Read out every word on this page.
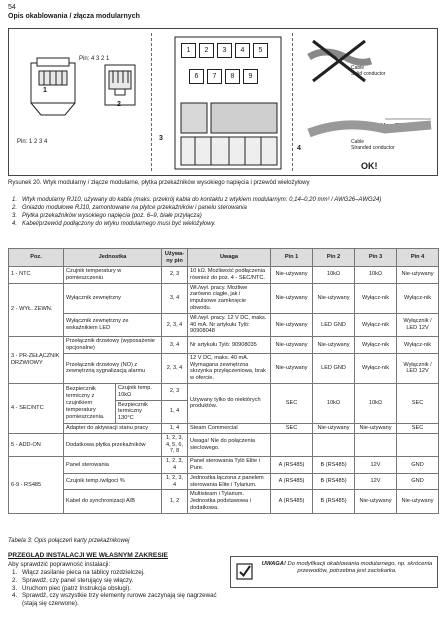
54
Opis okablowania / złącza modularnych
1
Pin: 1 2 3 4
Pin: 4 3 2 1
2
3
1	2	3	4	5
6	7	8	9
Cable
Solid conductor
Max. Ø3.6mm
4
Cable
Stranded conductor
OK!
Rysunek 20. Wtyk modularny / złącze modularne, płytka przekaźników wysokiego napięcia i przewód wielożyłowy
1. Wtyk modularny RJ10, używany do kabla (maks. przekrój kabla do kontaktu z wtykiem modularnym: 0,14–0,20 mm² / AWG26–AWG24)
2. Gniazdo modułowe RJ10, zamontowane na płytce przekaźników i panelu sterowania
3. Płytka przekaźników wysokiego napięcia (poz. 6–9, białe przyłącza)
4. Kabel/przewód podłączony do wtyku modularnego musi być wielożyłowy.
Poz.	Jednostka		Używa- ny pin	Uwaga	Pin 1	Pin 2	Pin 3	Pin 4
1 - NTC	Czujnik temperatury w pomieszczeniu		2, 3	10 kΩ. Możliwość podłączenia również do poz. 4 - SEC/NTC.	Nie-używany	10kΩ	10kΩ	Nie-używany
2 - WYŁ. ZEWN.	Wyłącznik zewnętrzny		3, 4	Wł./wył. pracy. Możliwe zarówno ciągłe, jak i impulsowe zamknięcie obwodu.	Nie-używany	Nie-używany	Wyłącz-nik	Wyłącz-nik
	Wyłącznik zewnętrzny ze wskaźnikiem LED		2, 3, 4	Wł./wył. pracy. 12 V DC, maks. 40 mA. Nr artykułu Tylö: 90908048	Nie-używany	LED GND	Wyłącz-nik	Wyłącznik / LED 12V
3 - PR-ZEŁĄCZNIK DRZWIOWY	Przełącznik drzwiowy (wyposażenie opcjonalne)		3, 4	Nr artykułu Tylö: 90908035	Nie-używany	Nie-używany	Wyłącz-nik	Wyłącz-nik
	Przełącznik drzwiowy (NO) z zewnętrzną sygnalizacją alarmu		2, 3, 4	12 V DC, maks. 40 mA. Wymagana zewnętrzna skrzynka przyłączeniowa, brak w ofercie.	Nie-używany	LED GND	Wyłącz-nik	Wyłącznik / LED 12V
4 - SEC/NTC	Bezpiecznik termiczny z czujnikiem temperatury pomieszczenia.	Czujnik temp. 10kΩ	2, 3	Używany tylko do niektórych produktów.	SEC	10kΩ	10kΩ	SEC
		Bezpiecznik termiczny 130°C	1, 4					
	Adapter do aktywacji stanu pracy		1, 4	Steam Commercial	SEC	Nie-używany	Nie-używany	SEC
5 - ADD-ON	Dodatkowa płytka przekaźników		1, 2, 3, 4, 5, 6, 7, 8	Uwaga! Nie do połączenia siecIowego.				
6-9 - RS485	Panel sterowania		1, 2, 3, 4	Panel sterowania Tylö Elite i Pure.	A (RS485)	B (RS485)	12V	GND
	Czujnik temp./wilgoci %		1, 2, 3, 4	Jednostka łączona z panelem sterowania Elite i Tylarium.	A (RS485)	B (RS485)	12V	GND
	Kabel do synchronizacji A/B		1, 2	Multisteam i Tylarium. Jednostka podstawowa i dodatkowa.	A (RS485)	B (RS485)	Nie-używany	Nie-używany
Tabela 3: Opis połączeń karty przekaźnikowej
PRZEGLĄD INSTALACJI WE WŁASNYM ZAKRESIE
Aby sprawdzić poprawność instalacji:
1. Włącz zasilanie pieca na tablicy rozdzielczej.
2. Sprawdź, czy panel sterujący się włączy.
3. Uruchom piec (patrz Instrukcja obsługi).
4. Sprawdź, czy wszystkie trzy elementy rurowe zaczynają się nagrzewać (stają się czerwone).
UWAGA! Do modyfikacji okablowania modularnego, np. skrócenia przewodów, potrzebna jest zaciskarka.
